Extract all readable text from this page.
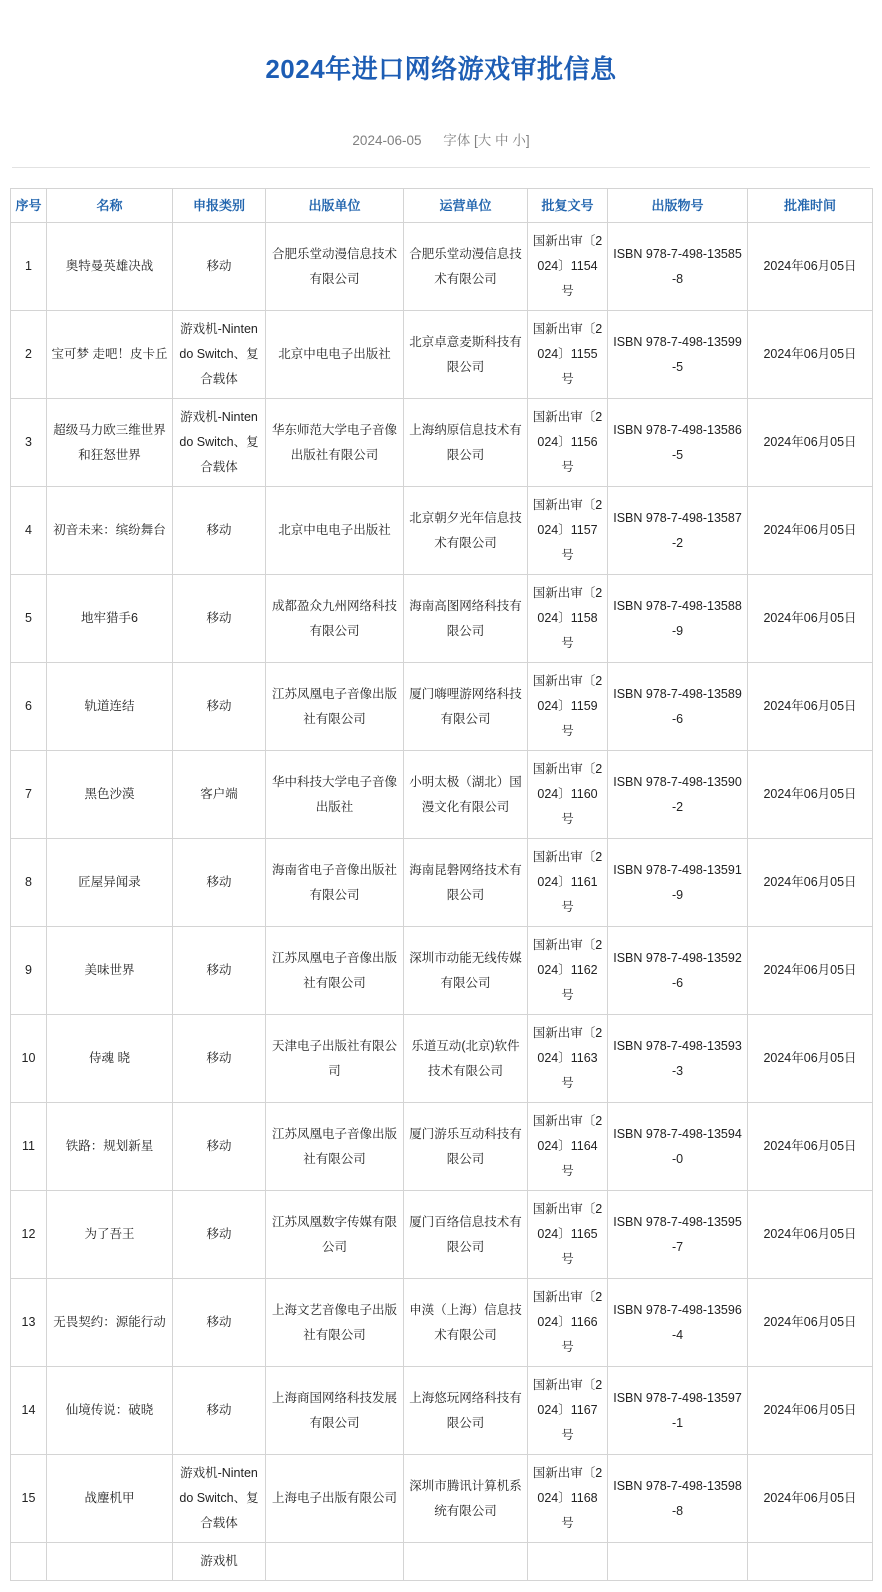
2024年进口网络游戏审批信息
2024-06-05 字体 [大 中 小]
序号	名称	申报类别	出版单位	运营单位	批复文号	出版物号	批准时间
1	奥特曼英雄决战	移动	合肥乐堂动漫信息技术有限公司	合肥乐堂动漫信息技术有限公司	国新出审〔2024〕1154号	ISBN 978-7-498-13585-8	2024年06月05日
2	宝可梦 走吧！皮卡丘	游戏机-Nintendo Switch、复合载体	北京中电电子出版社	北京卓意麦斯科技有限公司	国新出审〔2024〕1155号	ISBN 978-7-498-13599-5	2024年06月05日
3	超级马力欧三维世界和狂怒世界	游戏机-Nintendo Switch、复合载体	华东师范大学电子音像出版社有限公司	上海纳原信息技术有限公司	国新出审〔2024〕1156号	ISBN 978-7-498-13586-5	2024年06月05日
4	初音未来：缤纷舞台	移动	北京中电电子出版社	北京朝夕光年信息技术有限公司	国新出审〔2024〕1157号	ISBN 978-7-498-13587-2	2024年06月05日
5	地牢猎手6	移动	成都盈众九州网络科技有限公司	海南高图网络科技有限公司	国新出审〔2024〕1158号	ISBN 978-7-498-13588-9	2024年06月05日
6	轨道连结	移动	江苏凤凰电子音像出版社有限公司	厦门嗨哩游网络科技有限公司	国新出审〔2024〕1159号	ISBN 978-7-498-13589-6	2024年06月05日
7	黑色沙漠	客户端	华中科技大学电子音像出版社	小明太极（湖北）国漫文化有限公司	国新出审〔2024〕1160号	ISBN 978-7-498-13590-2	2024年06月05日
8	匠屋异闻录	移动	海南省电子音像出版社有限公司	海南昆磐网络技术有限公司	国新出审〔2024〕1161号	ISBN 978-7-498-13591-9	2024年06月05日
9	美味世界	移动	江苏凤凰电子音像出版社有限公司	深圳市动能无线传媒有限公司	国新出审〔2024〕1162号	ISBN 978-7-498-13592-6	2024年06月05日
10	侍魂 晓	移动	天津电子出版社有限公司	乐道互动(北京)软件技术有限公司	国新出审〔2024〕1163号	ISBN 978-7-498-13593-3	2024年06月05日
11	铁路：规划新星	移动	江苏凤凰电子音像出版社有限公司	厦门游乐互动科技有限公司	国新出审〔2024〕1164号	ISBN 978-7-498-13594-0	2024年06月05日
12	为了吾王	移动	江苏凤凰数字传媒有限公司	厦门百络信息技术有限公司	国新出审〔2024〕1165号	ISBN 978-7-498-13595-7	2024年06月05日
13	无畏契约：源能行动	移动	上海文艺音像电子出版社有限公司	申渶（上海）信息技术有限公司	国新出审〔2024〕1166号	ISBN 978-7-498-13596-4	2024年06月05日
14	仙境传说：破晓	移动	上海商国网络科技发展有限公司	上海悠玩网络科技有限公司	国新出审〔2024〕1167号	ISBN 978-7-498-13597-1	2024年06月05日
15	战麈机甲	游戏机-Nintendo Switch、复合载体	上海电子出版有限公司	深圳市腾讯计算机系统有限公司	国新出审〔2024〕1168号	ISBN 978-7-498-13598-8	2024年06月05日
		游戏机					
